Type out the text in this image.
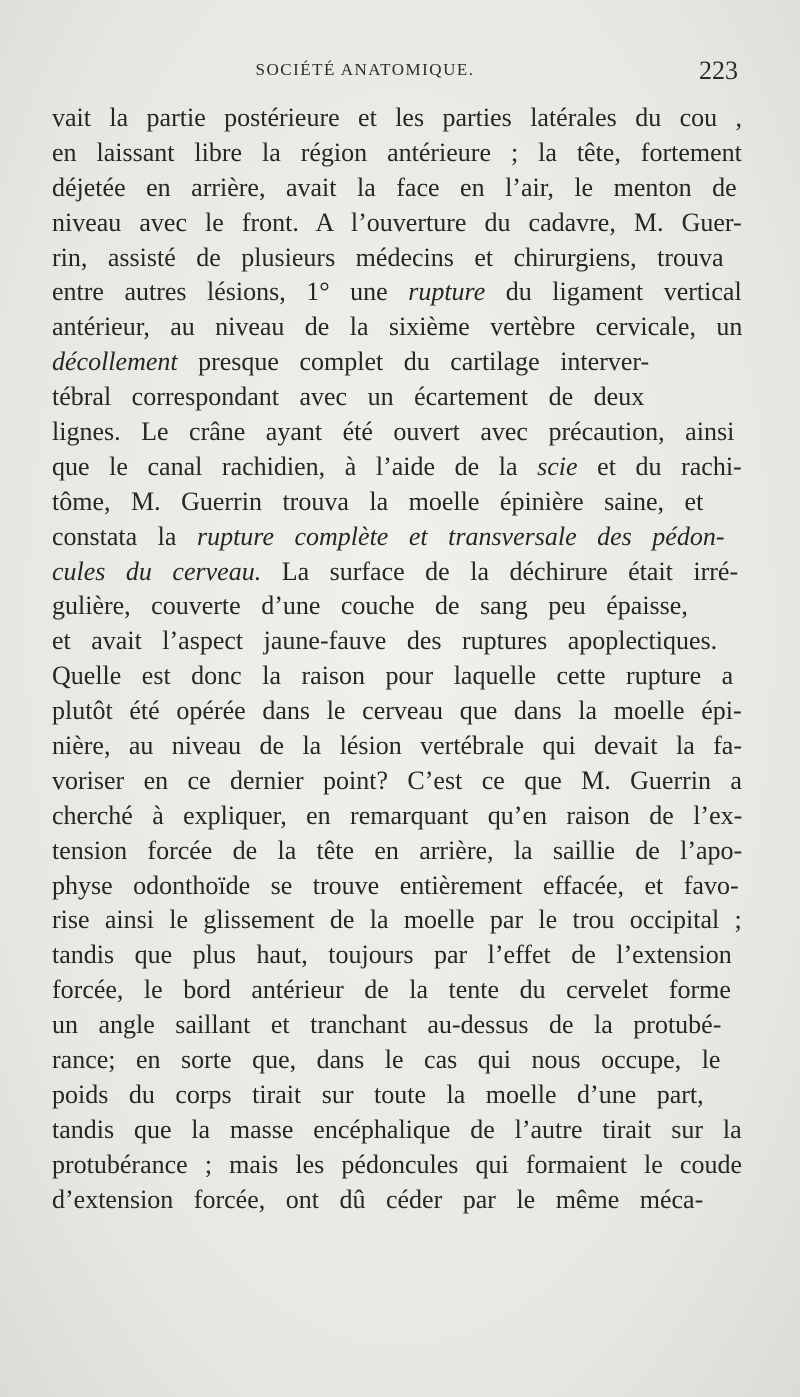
SOCIÉTÉ ANATOMIQUE.	223
vait la partie postérieure et les parties latérales du cou ,
en laissant libre la région antérieure ; la tête, fortement
déjetée en arrière, avait la face en l’air, le menton de
niveau avec le front. A l’ouverture du cadavre, M. Guer-
rin, assisté de plusieurs médecins et chirurgiens, trouva
entre autres lésions, 1° une rupture du ligament vertical
antérieur, au niveau de la sixième vertèbre cervicale, un
décollement presque complet du cartilage interver-
tébral correspondant avec un écartement de deux
lignes. Le crâne ayant été ouvert avec précaution, ainsi
que le canal rachidien, à l’aide de la scie et du rachi-
tôme, M. Guerrin trouva la moelle épinière saine, et
constata la rupture complète et transversale des pédon-
cules du cerveau. La surface de la déchirure était irré-
gulière, couverte d’une couche de sang peu épaisse,
et avait l’aspect jaune-fauve des ruptures apoplectiques.
Quelle est donc la raison pour laquelle cette rupture a
plutôt été opérée dans le cerveau que dans la moelle épi-
nière, au niveau de la lésion vertébrale qui devait la fa-
voriser en ce dernier point? C’est ce que M. Guerrin a
cherché à expliquer, en remarquant qu’en raison de l’ex-
tension forcée de la tête en arrière, la saillie de l’apo-
physe odonthoïde se trouve entièrement effacée, et favo-
rise ainsi le glissement de la moelle par le trou occipital ;
tandis que plus haut, toujours par l’effet de l’extension
forcée, le bord antérieur de la tente du cervelet forme
un angle saillant et tranchant au-dessus de la protubé-
rance; en sorte que, dans le cas qui nous occupe, le
poids du corps tirait sur toute la moelle d’une part,
tandis que la masse encéphalique de l’autre tirait sur la
protubérance ; mais les pédoncules qui formaient le coude
d’extension forcée, ont dû céder par le même méca-
